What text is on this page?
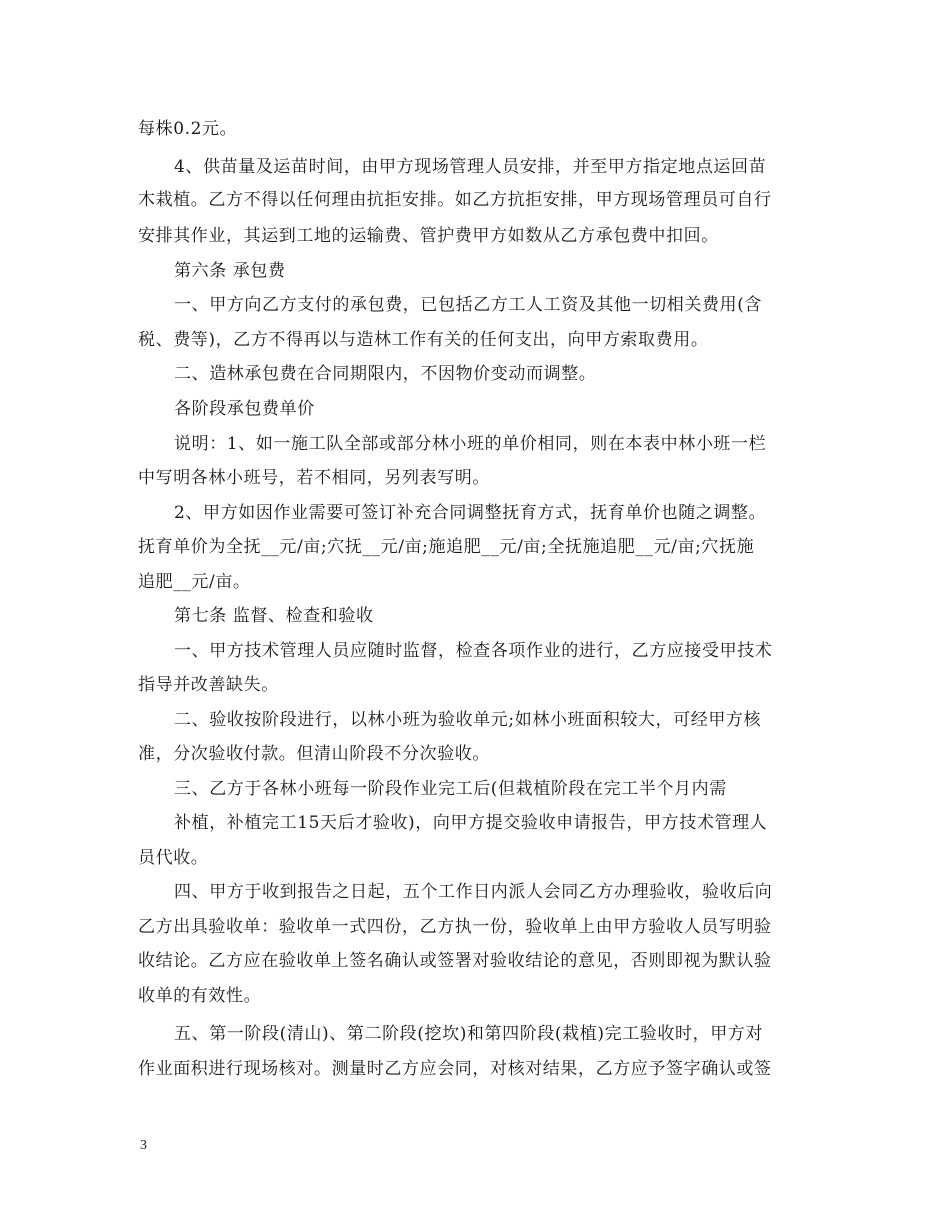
每株0.2元。
4、供苗量及运苗时间，由甲方现场管理人员安排，并至甲方指定地点运回苗
木栽植。乙方不得以任何理由抗拒安排。如乙方抗拒安排，甲方现场管理员可自行
安排其作业，其运到工地的运输费、管护费甲方如数从乙方承包费中扣回。
第六条 承包费
一、甲方向乙方支付的承包费，已包括乙方工人工资及其他一切相关费用(含
税、费等)，乙方不得再以与造林工作有关的任何支出，向甲方索取费用。
二、造林承包费在合同期限内，不因物价变动而调整。
各阶段承包费单价
说明：1、如一施工队全部或部分林小班的单价相同，则在本表中林小班一栏
中写明各林小班号，若不相同，另列表写明。
2、甲方如因作业需要可签订补充合同调整抚育方式，抚育单价也随之调整。
抚育单价为全抚__元/亩;穴抚__元/亩;施追肥__元/亩;全抚施追肥__元/亩;穴抚施
追肥__元/亩。
第七条 监督、检查和验收
一、甲方技术管理人员应随时监督，检查各项作业的进行，乙方应接受甲技术
指导并改善缺失。
二、验收按阶段进行，以林小班为验收单元;如林小班面积较大，可经甲方核
准，分次验收付款。但清山阶段不分次验收。
三、乙方于各林小班每一阶段作业完工后(但栽植阶段在完工半个月内需
补植，补植完工15天后才验收)，向甲方提交验收申请报告，甲方技术管理人
员代收。
四、甲方于收到报告之日起，五个工作日内派人会同乙方办理验收，验收后向
乙方出具验收单：验收单一式四份，乙方执一份，验收单上由甲方验收人员写明验
收结论。乙方应在验收单上签名确认或签署对验收结论的意见，否则即视为默认验
收单的有效性。
五、第一阶段(清山)、第二阶段(挖坎)和第四阶段(栽植)完工验收时，甲方对
作业面积进行现场核对。测量时乙方应会同，对核对结果，乙方应予签字确认或签
3
